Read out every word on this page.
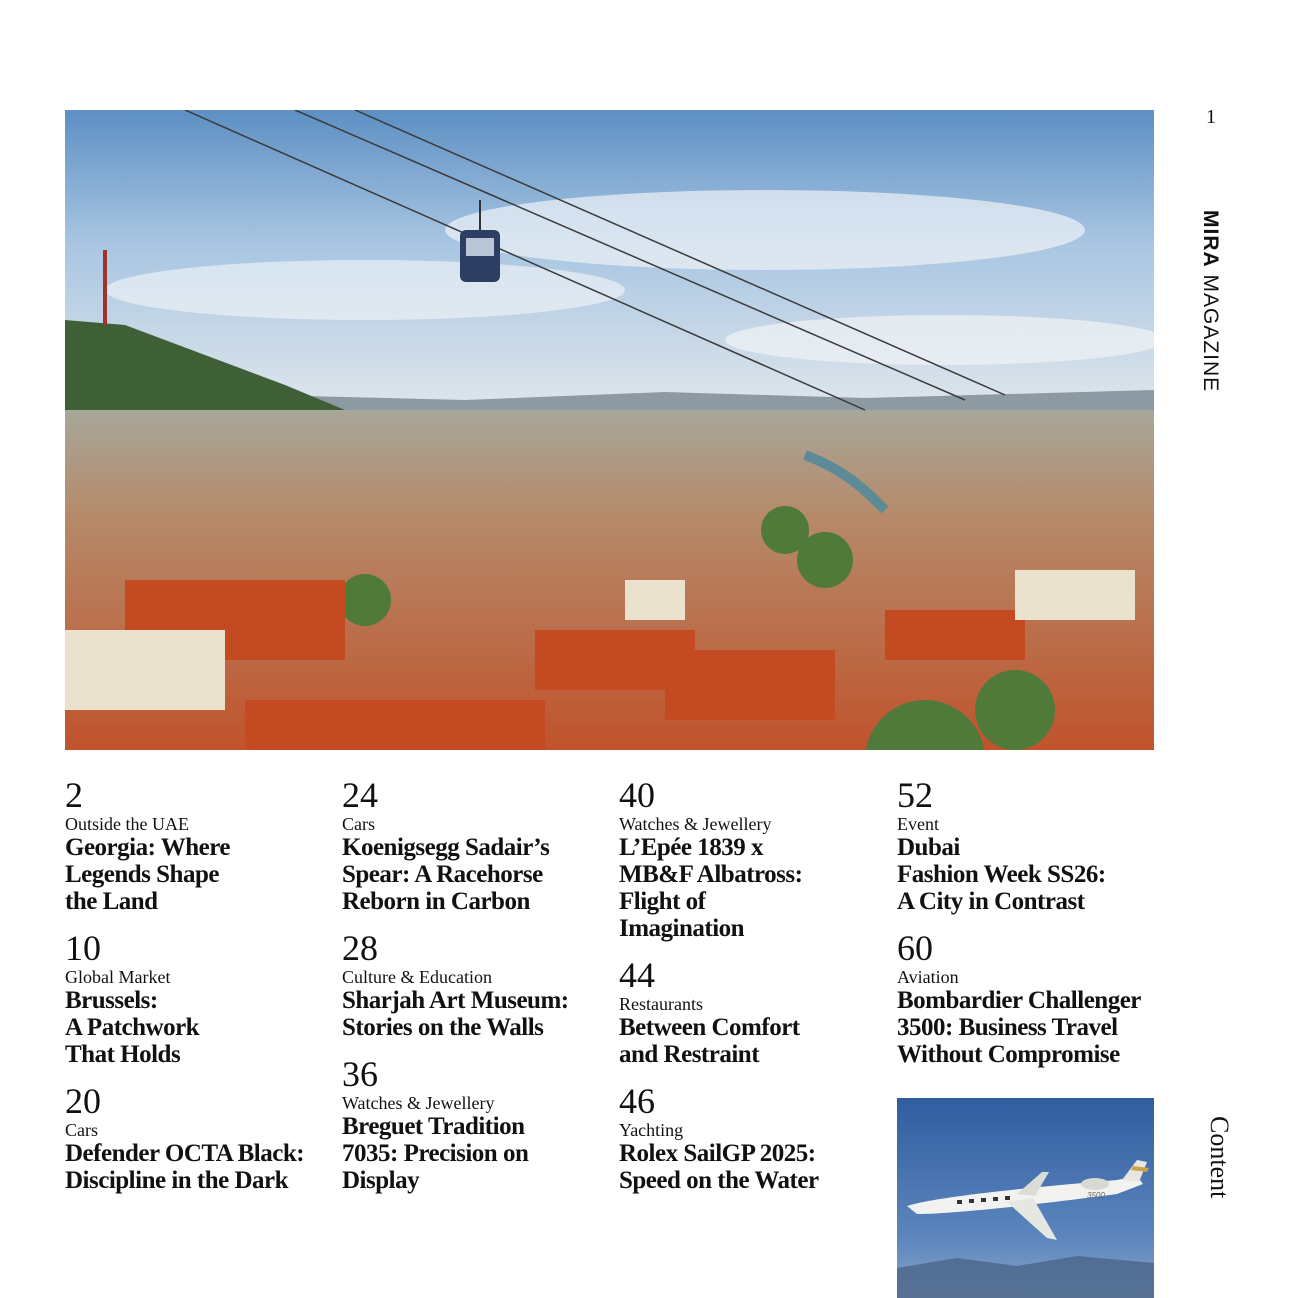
1
MIRA MAGAZINE
Content
2
Outside the UAE
Georgia: Where
Legends Shape
the Land
10
Global Market
Brussels:
A Patchwork
That Holds
20
Cars
Defender OCTA Black:
Discipline in the Dark
24
Cars
Koenigsegg Sadair’s
Spear: A Racehorse
Reborn in Carbon
28
Culture & Education
Sharjah Art Museum:
Stories on the Walls
36
Watches & Jewellery
Breguet Tradition
7035: Precision on
Display
40
Watches & Jewellery
L’Epée 1839 x
MB&F Albatross:
Flight of
Imagination
44
Restaurants
Between Comfort
and Restraint
46
Yachting
Rolex SailGP 2025:
Speed on the Water
52
Event
Dubai
Fashion Week SS26:
A City in Contrast
60
Aviation
Bombardier Challenger
3500: Business Travel
Without Compromise
3500
